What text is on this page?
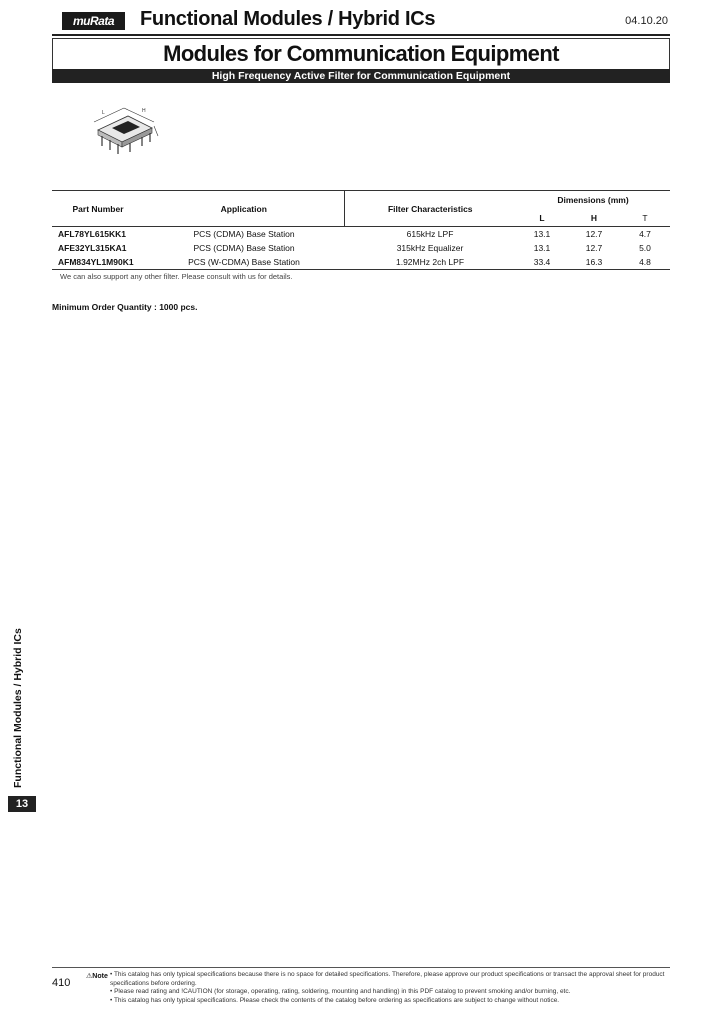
muRata	Functional Modules / Hybrid ICs	04.10.20
Modules for Communication Equipment
High Frequency Active Filter for Communication Equipment
L	H
Part Number	Application	Filter Characteristics	Dimensions (mm)		
			L	H	T
AFL78YL615KK1	PCS (CDMA) Base Station	615kHz LPF	13.1	12.7	4.7
AFE32YL315KA1	PCS (CDMA) Base Station	315kHz Equalizer	13.1	12.7	5.0
AFM834YL1M90K1	PCS (W-CDMA) Base Station	1.92MHz 2ch LPF	33.4	16.3	4.8
We can also support any other filter. Please consult with us for details.
Minimum Order Quantity : 1000 pcs.
Functional Modules / Hybrid ICs
13
410
⚠Note • This catalog has only typical specifications because there is no space for detailed specifications. Therefore, please approve our product specifications or transact the approval sheet for product specifications before ordering.
• Please read rating and !CAUTION (for storage, operating, rating, soldering, mounting and handling) in this PDF catalog to prevent smoking and/or burning, etc.
• This catalog has only typical specifications. Please check the contents of the catalog before ordering as specifications are subject to change without notice.
